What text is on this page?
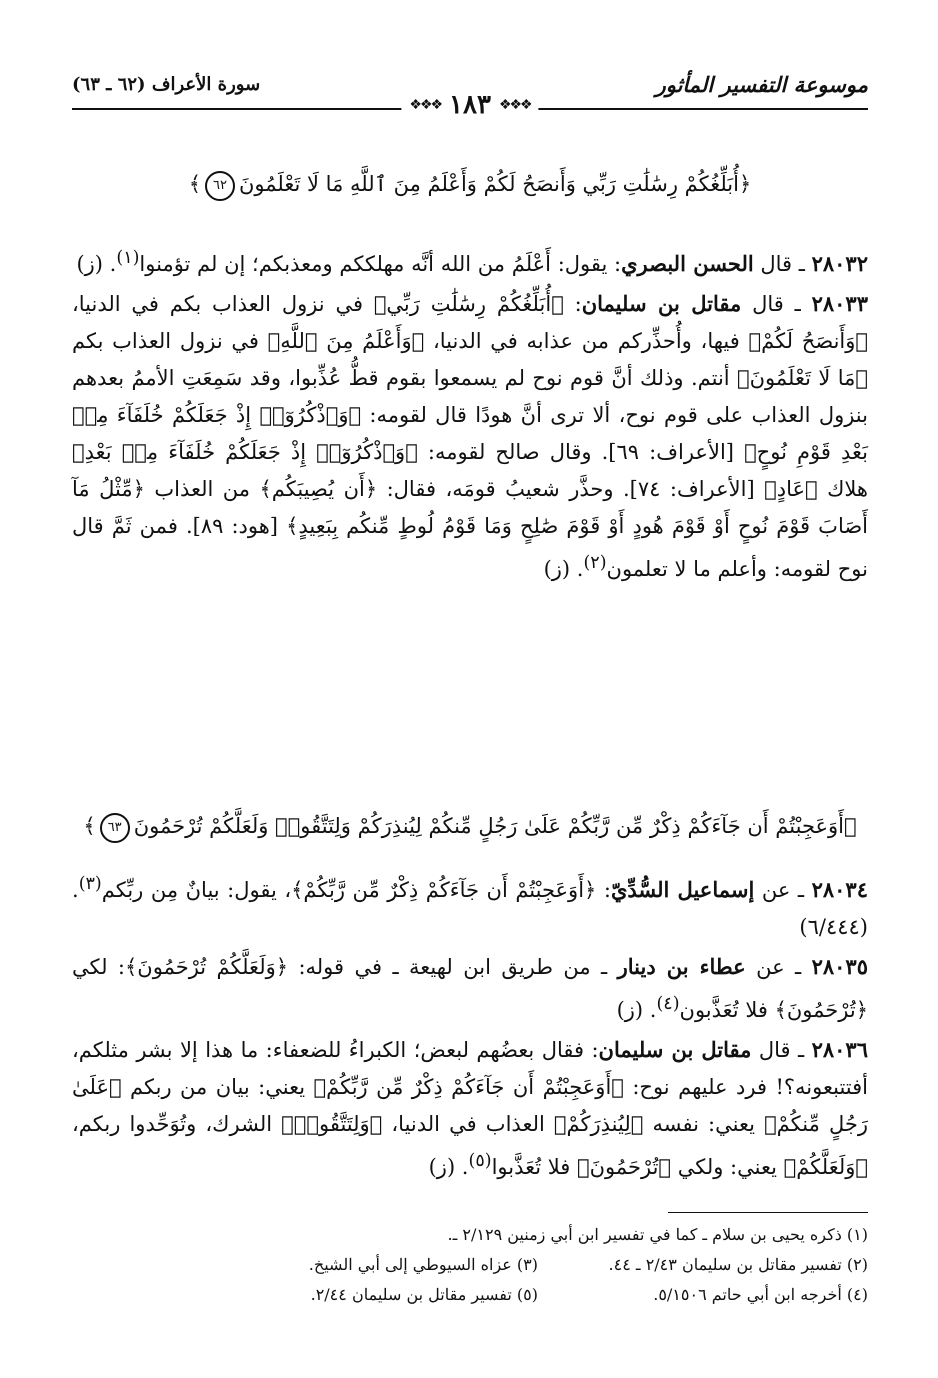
موسوعة التفسير المأثور
سورة الأعراف (٦٢ ـ ٦٣)
❖❖❖ ١٨٣ ❖❖❖

﴿أُبَلِّغُكُمْ رِسَٰلَٰتِ رَبِّي وَأَنصَحُ لَكُمْ وَأَعْلَمُ مِنَ ٱللَّهِ مَا لَا تَعْلَمُونَ٦٢﴾

٢٨٠٣٢ ـ قال الحسن البصري: يقول: أَعْلَمُ من الله أنَّه مهلككم ومعذبكم؛ إن لم تؤمنوا$^{(١)}$. (ز)

٢٨٠٣٣ ـ قال مقاتل بن سليمان: ﴿أُبَلِّغُكُمْ رِسَٰلَٰتِ رَبِّي﴾ في نزول العذاب بكم في الدنيا، ﴿وَأَنصَحُ لَكُمْ﴾ فيها، وأُحذِّركم من عذابه في الدنيا، ﴿وَأَعْلَمُ مِنَ ٱللَّهِ﴾ في نزول العذاب بكم ﴿مَا لَا تَعْلَمُونَ﴾ أنتم. وذلك أنَّ قوم نوح لم يسمعوا بقوم قطُّ عُذِّبوا، وقد سَمِعَتِ الأممُ بعدهم بنزول العذاب على قوم نوح، ألا ترى أنَّ هودًا قال لقومه: ﴿وَٱذْكُرُوٓا۟ إِذْ جَعَلَكُمْ خُلَفَآءَ مِنۢ بَعْدِ قَوْمِ نُوحٍ﴾ [الأعراف: ٦٩]. وقال صالح لقومه: ﴿وَٱذْكُرُوٓا۟ إِذْ جَعَلَكُمْ خُلَفَآءَ مِنۢ بَعْدِ﴾ هلاك ﴿عَادٍ﴾ [الأعراف: ٧٤]. وحذَّر شعيبُ قومَه، فقال: ﴿أَن يُصِيبَكُم﴾ من العذاب ﴿مِّثْلُ مَآ أَصَابَ قَوْمَ نُوحٍ أَوْ قَوْمَ هُودٍ أَوْ قَوْمَ صَٰلِحٍ وَمَا قَوْمُ لُوطٍ مِّنكُم بِبَعِيدٍ﴾ [هود: ٨٩]. فمن ثَمَّ قال نوح لقومه: وأعلم ما لا تعلمون$^{(٢)}$. (ز)

﴿أَوَعَجِبْتُمْ أَن جَآءَكُمْ ذِكْرٌ مِّن رَّبِّكُمْ عَلَىٰ رَجُلٍ مِّنكُمْ لِيُنذِرَكُمْ وَلِتَتَّقُوا۟ وَلَعَلَّكُمْ تُرْحَمُونَ٦٣﴾

٢٨٠٣٤ ـ عن إسماعيل السُّدِّيّ: ﴿أَوَعَجِبْتُمْ أَن جَآءَكُمْ ذِكْرٌ مِّن رَّبِّكُمْ﴾، يقول: بيانٌ مِن ربِّكم$^{(٣)}$. (٦/٤٤٤)

٢٨٠٣٥ ـ عن عطاء بن دينار ـ من طريق ابن لهيعة ـ في قوله: ﴿وَلَعَلَّكُمْ تُرْحَمُونَ﴾: لكي ﴿تُرْحَمُونَ﴾ فلا تُعَذَّبون$^{(٤)}$. (ز)

٢٨٠٣٦ ـ قال مقاتل بن سليمان: فقال بعضُهم لبعض؛ الكبراءُ للضعفاء: ما هذا إلا بشر مثلكم، أفتتبعونه؟! فرد عليهم نوح: ﴿أَوَعَجِبْتُمْ أَن جَآءَكُمْ ذِكْرٌ مِّن رَّبِّكُمْ﴾ يعني: بيان من ربكم ﴿عَلَىٰ رَجُلٍ مِّنكُمْ﴾ يعني: نفسه ﴿لِيُنذِرَكُمْ﴾ العذاب في الدنيا، ﴿وَلِتَتَّقُوا۟﴾ الشرك، وتُوَحِّدوا ربكم، ﴿وَلَعَلَّكُمْ﴾ يعني: ولكي ﴿تُرْحَمُونَ﴾ فلا تُعَذَّبوا$^{(٥)}$. (ز)

(١) ذكره يحيى بن سلام ـ كما في تفسير ابن أبي زمنين ٢/١٢٩ ـ.
(٢) تفسير مقاتل بن سليمان ٢/٤٣ ـ ٤٤.
(٣) عزاه السيوطي إلى أبي الشيخ.
(٤) أخرجه ابن أبي حاتم ٥/١٥٠٦.
(٥) تفسير مقاتل بن سليمان ٢/٤٤.
